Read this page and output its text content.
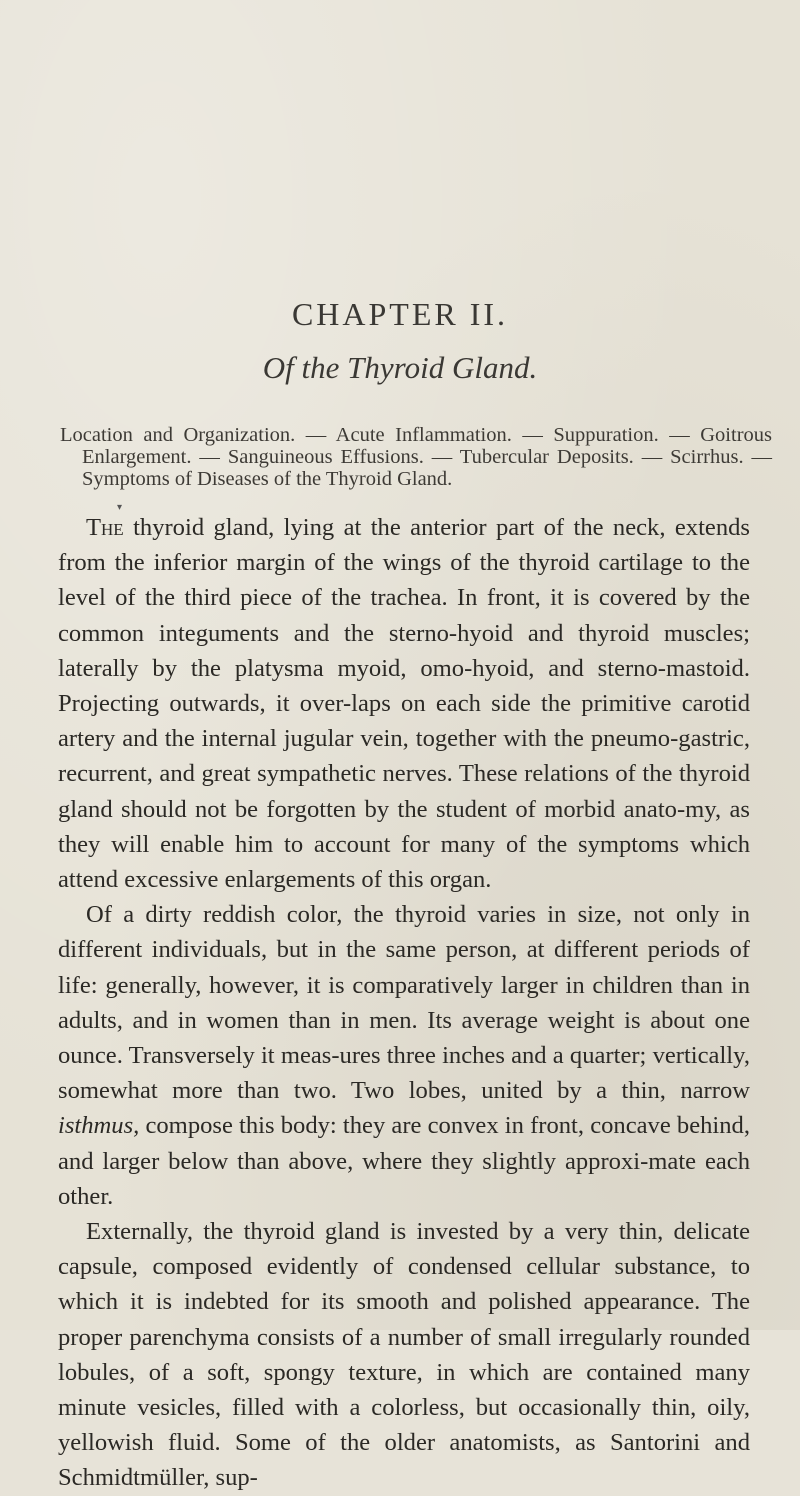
CHAPTER II.
Of the Thyroid Gland.

Location and Organization. — Acute Inflammation. — Suppuration. — Goitrous Enlargement. — Sanguineous Effusions. — Tubercular Deposits. — Scirrhus. — Symptoms of Diseases of the Thyroid Gland.

▾

The thyroid gland, lying at the anterior part of the neck, extends from the inferior margin of the wings of the thyroid cartilage to the level of the third piece of the trachea. In front, it is covered by the common integuments and the sterno-hyoid and thyroid muscles; laterally by the platysma myoid, omo-hyoid, and sterno-mastoid. Projecting outwards, it over-laps on each side the primitive carotid artery and the internal jugular vein, together with the pneumo-gastric, recurrent, and great sympathetic nerves. These relations of the thyroid gland should not be forgotten by the student of morbid anato-my, as they will enable him to account for many of the symptoms which attend excessive enlargements of this organ.

Of a dirty reddish color, the thyroid varies in size, not only in different individuals, but in the same person, at different periods of life: generally, however, it is comparatively larger in children than in adults, and in women than in men. Its average weight is about one ounce. Transversely it meas-ures three inches and a quarter; vertically, somewhat more than two. Two lobes, united by a thin, narrow isthmus, compose this body: they are convex in front, concave behind, and larger below than above, where they slightly approxi-mate each other.

Externally, the thyroid gland is invested by a very thin, delicate capsule, composed evidently of condensed cellular substance, to which it is indebted for its smooth and polished appearance. The proper parenchyma consists of a number of small irregularly rounded lobules, of a soft, spongy texture, in which are contained many minute vesicles, filled with a colorless, but occasionally thin, oily, yellowish fluid. Some of the older anatomists, as Santorini and Schmidtmüller, sup-
